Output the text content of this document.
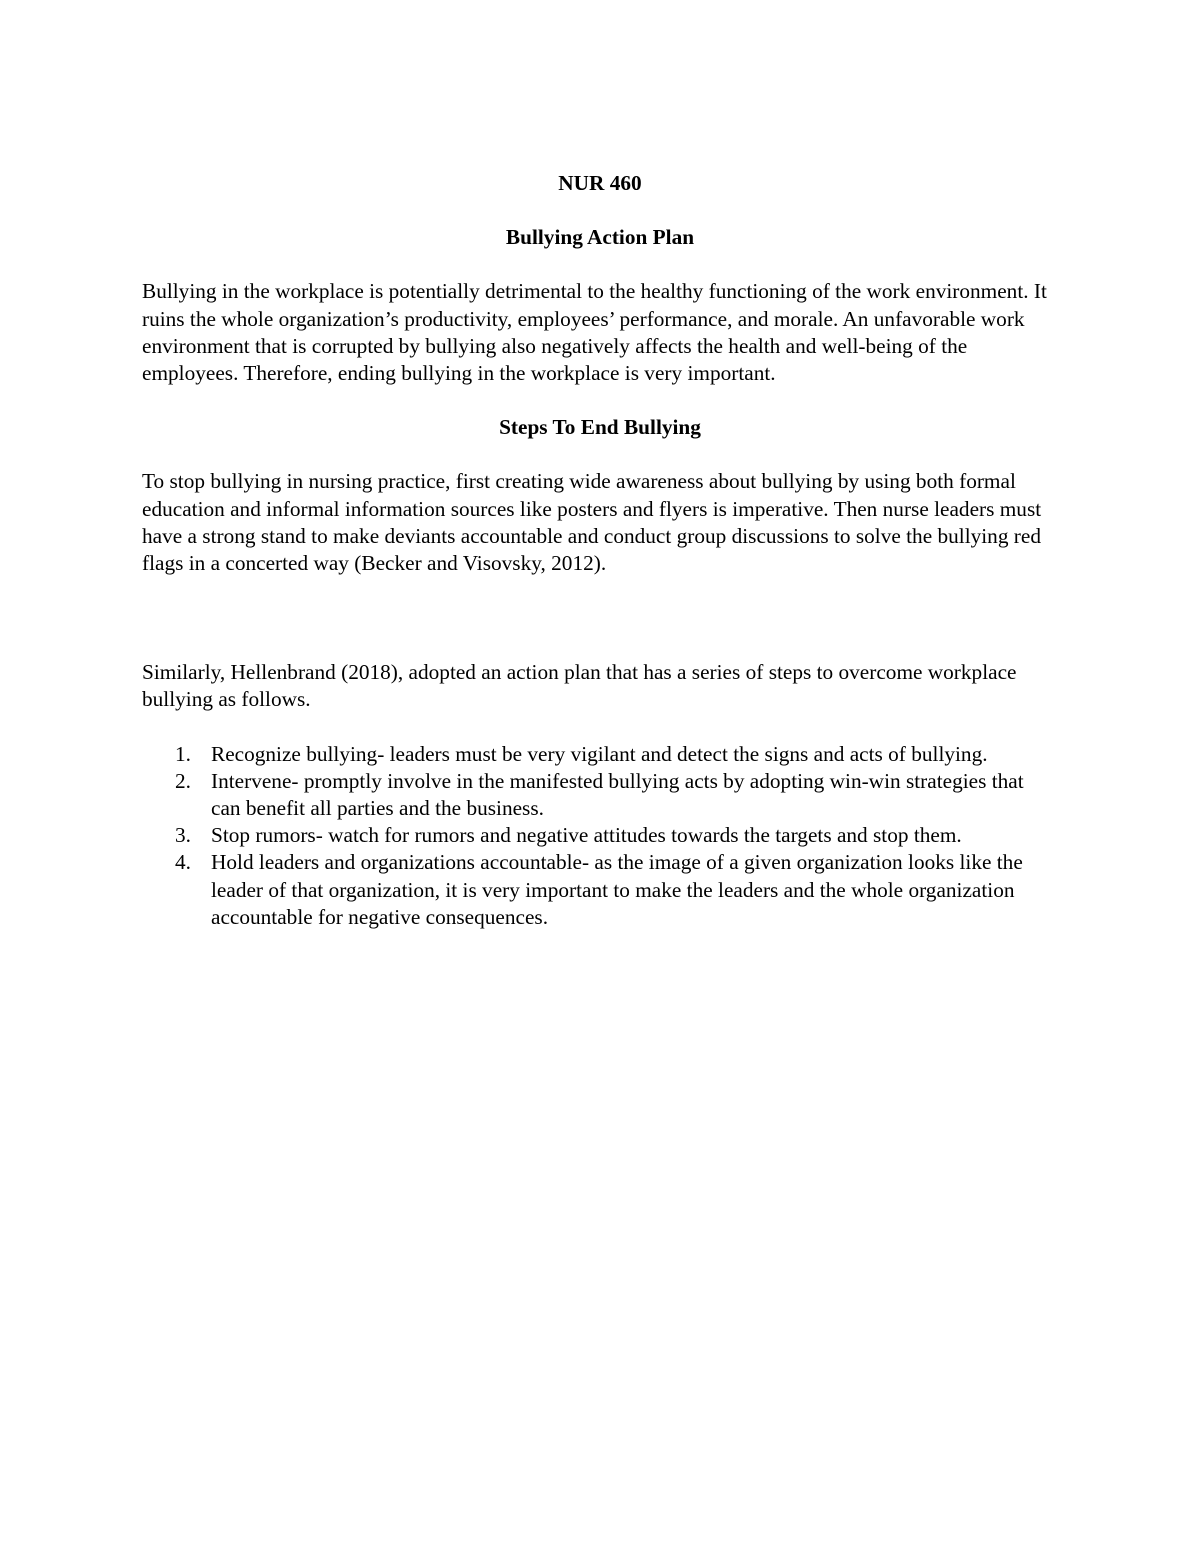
NUR 460

Bullying Action Plan

Bullying in the workplace is potentially detrimental to the healthy functioning of the work environment. It ruins the whole organization’s productivity, employees’ performance, and morale. An unfavorable work environment that is corrupted by bullying also negatively affects the health and well-being of the employees. Therefore, ending bullying in the workplace is very important.

Steps To End Bullying

To stop bullying in nursing practice, first creating wide awareness about bullying by using both formal education and informal information sources like posters and flyers is imperative. Then nurse leaders must have a strong stand to make deviants accountable and conduct group discussions to solve the bullying red flags in a concerted way (Becker and Visovsky, 2012).

Similarly, Hellenbrand (2018), adopted an action plan that has a series of steps to overcome workplace bullying as follows.

1. Recognize bullying- leaders must be very vigilant and detect the signs and acts of bullying.
2. Intervene- promptly involve in the manifested bullying acts by adopting win-win strategies that can benefit all parties and the business.
3. Stop rumors- watch for rumors and negative attitudes towards the targets and stop them.
4. Hold leaders and organizations accountable- as the image of a given organization looks like the leader of that organization, it is very important to make the leaders and the whole organization accountable for negative consequences.
